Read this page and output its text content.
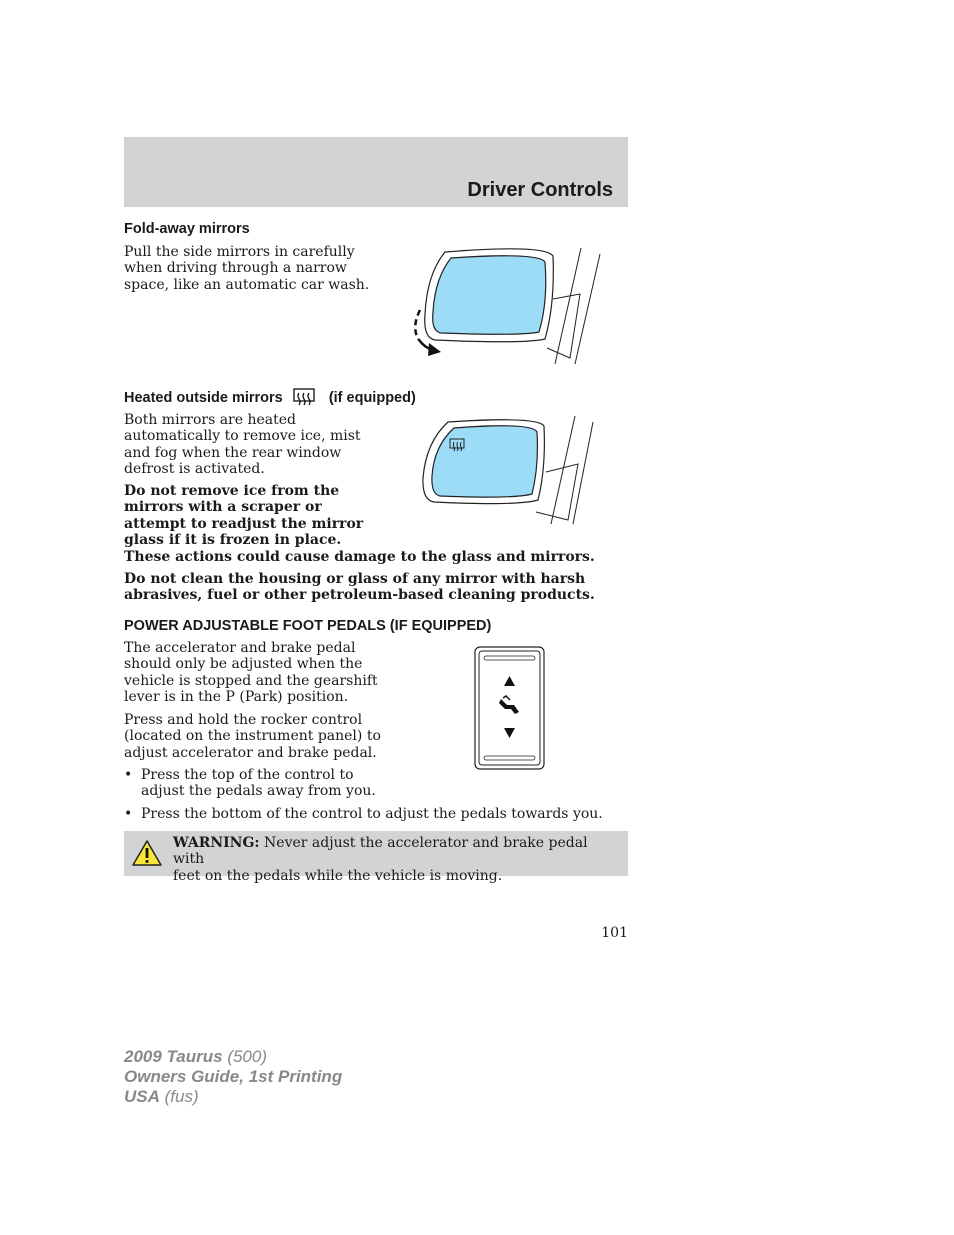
Driver Controls
Fold-away mirrors
Pull the side mirrors in carefully
when driving through a narrow
space, like an automatic car wash.
Heated outside mirrors	(if equipped)
Both mirrors are heated
automatically to remove ice, mist
and fog when the rear window
defrost is activated.
Do not remove ice from the
mirrors with a scraper or
attempt to readjust the mirror
glass if it is frozen in place.
These actions could cause damage to the glass and mirrors.
Do not clean the housing or glass of any mirror with harsh
abrasives, fuel or other petroleum-based cleaning products.
POWER ADJUSTABLE FOOT PEDALS (IF EQUIPPED)
The accelerator and brake pedal
should only be adjusted when the
vehicle is stopped and the gearshift
lever is in the P (Park) position.
Press and hold the rocker control
(located on the instrument panel) to
adjust accelerator and brake pedal.
• Press the top of the control to
adjust the pedals away from you.
• Press the bottom of the control to adjust the pedals towards you.
WARNING: Never adjust the accelerator and brake pedal with
feet on the pedals while the vehicle is moving.
101
2009 Taurus (500)
Owners Guide, 1st Printing
USA (fus)
